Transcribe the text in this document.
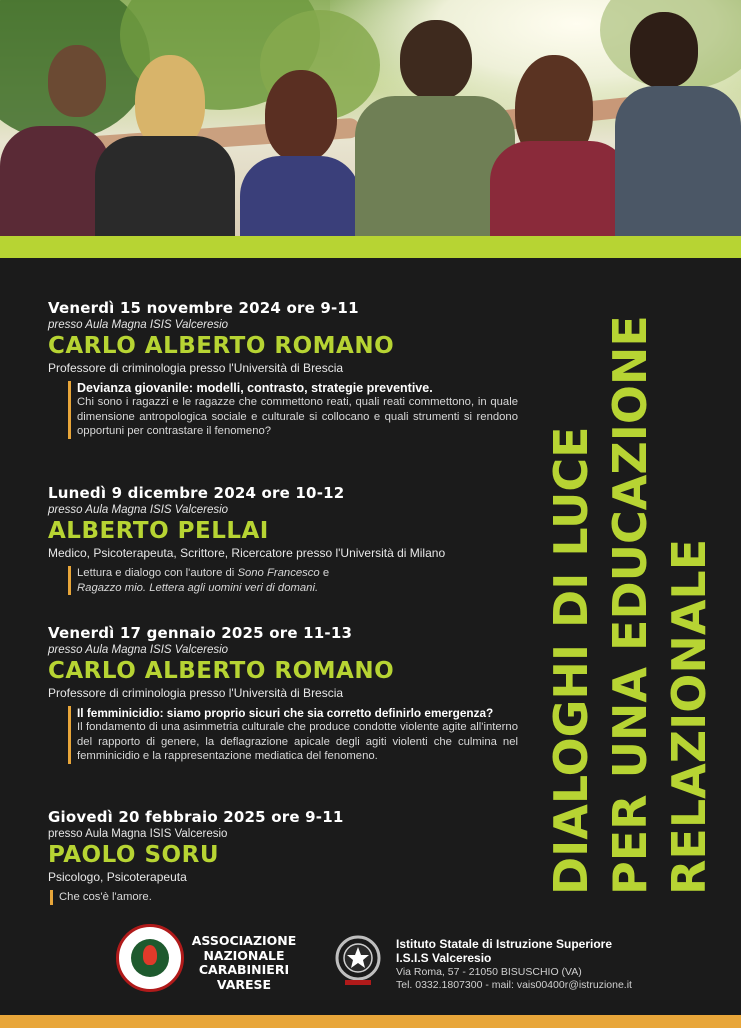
Venerdì 15 novembre 2024 ore 9-11
presso Aula Magna ISIS Valceresio
CARLO ALBERTO ROMANO
Professore di criminologia presso l'Università di Brescia
Devianza giovanile: modelli, contrasto, strategie preventive.
Chi sono i ragazzi e le ragazze che commettono reati, quali reati commettono, in quale dimensione antropologica sociale e culturale si collocano e quali strumenti si rendono opportuni per contrastare il fenomeno?
Lunedì 9 dicembre 2024 ore 10-12
presso Aula Magna ISIS Valceresio
ALBERTO PELLAI
Medico, Psicoterapeuta, Scrittore, Ricercatore presso l'Università di Milano
Lettura e dialogo con l'autore di Sono Francesco e
Ragazzo mio. Lettera agli uomini veri di domani.
Venerdì 17 gennaio 2025 ore 11-13
presso Aula Magna ISIS Valceresio
CARLO ALBERTO ROMANO
Professore di criminologia presso l'Università di Brescia
Il femminicidio: siamo proprio sicuri che sia corretto definirlo emergenza?
Il fondamento di una asimmetria culturale che produce condotte violente agite all'interno del rapporto di genere, la deflagrazione apicale degli agiti violenti che culmina nel femminicidio e la rappresentazione mediatica del fenomeno.
Giovedì 20 febbraio 2025 ore 9-11
presso Aula Magna ISIS Valceresio
PAOLO SORU
Psicologo, Psicoterapeuta
Che cos'è l'amore.
DIALOGHI DI LUCE PER UNA EDUCAZIONE RELAZIONALE
ASSOCIAZIONE
NAZIONALE
CARABINIERI
VARESE
Istituto Statale di Istruzione Superiore
I.S.I.S Valceresio
Via Roma, 57 - 21050 BISUSCHIO (VA)
Tel. 0332.1807300 - mail: vais00400r@istruzione.it
